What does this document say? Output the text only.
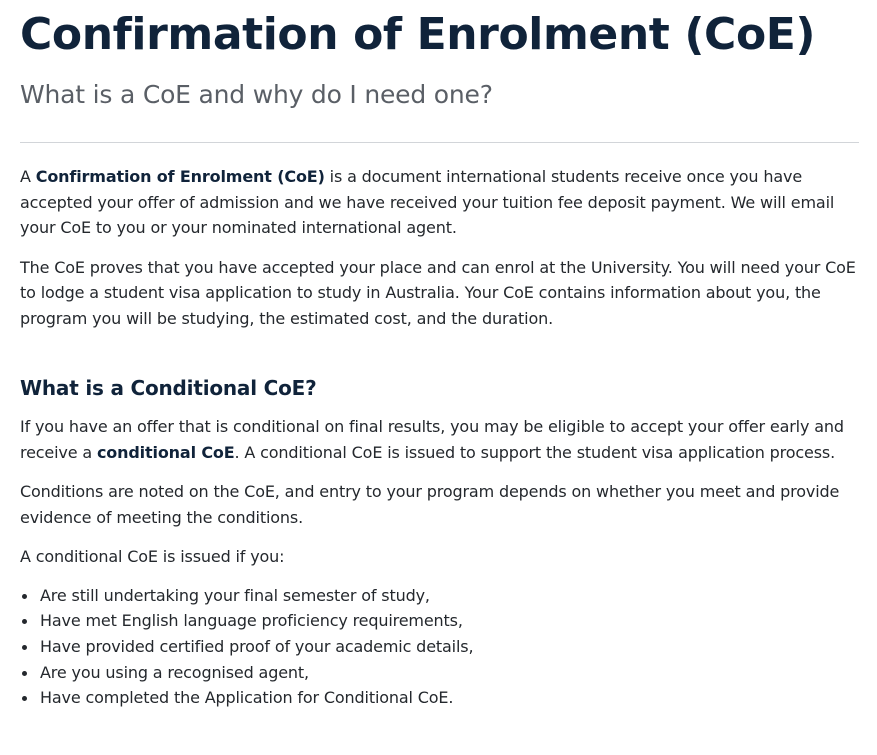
Confirmation of Enrolment (CoE)
What is a CoE and why do I need one?

A Confirmation of Enrolment (CoE) is a document international students receive once you have accepted your offer of admission and we have received your tuition fee deposit payment. We will email your CoE to you or your nominated international agent.

The CoE proves that you have accepted your place and can enrol at the University. You will need your CoE to lodge a student visa application to study in Australia. Your CoE contains information about you, the program you will be studying, the estimated cost, and the duration.

What is a Conditional CoE?

If you have an offer that is conditional on final results, you may be eligible to accept your offer early and receive a conditional CoE. A conditional CoE is issued to support the student visa application process.

Conditions are noted on the CoE, and entry to your program depends on whether you meet and provide evidence of meeting the conditions.

A conditional CoE is issued if you:

Are still undertaking your final semester of study,
Have met English language proficiency requirements,
Have provided certified proof of your academic details,
Are you using a recognised agent,
Have completed the Application for Conditional CoE.
